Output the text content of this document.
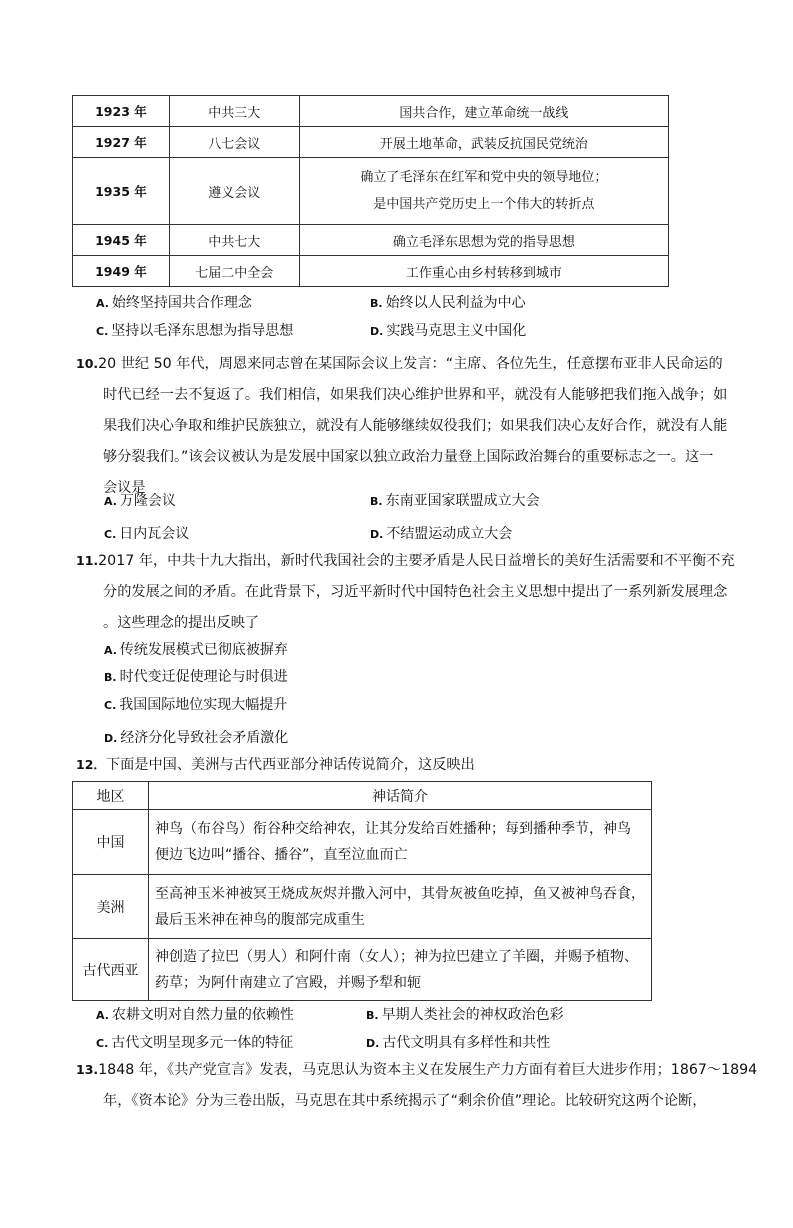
1923 年	中共三大	国共合作，建立革命统一战线
1927 年	八七会议	开展土地革命，武装反抗国民党统治
1935 年	遵义会议	确立了毛泽东在红军和党中央的领导地位；
是中国共产党历史上一个伟大的转折点

1945 年	中共七大	确立毛泽东思想为党的指导思想
1949 年	七届二中全会	工作重心由乡村转移到城市
A. 始终坚持国共合作理念	B. 始终以人民利益为中心
C. 坚持以毛泽东思想为指导思想	D. 实践马克思主义中国化
10.20 世纪 50 年代，周恩来同志曾在某国际会议上发言：“主席、各位先生，任意摆布亚非人民命运的
时代已经一去不复返了。我们相信，如果我们决心维护世界和平，就没有人能够把我们拖入战争；如
果我们决心争取和维护民族独立，就没有人能够继续奴役我们；如果我们决心友好合作，就没有人能
够分裂我们。”该会议被认为是发展中国家以独立政治力量登上国际政治舞台的重要标志之一。这一
会议是
A. 万隆会议	B. 东南亚国家联盟成立大会
C. 日内瓦会议	D. 不结盟运动成立大会
11.2017 年，中共十九大指出，新时代我国社会的主要矛盾是人民日益增长的美好生活需要和不平衡不充
分的发展之间的矛盾。在此背景下，习近平新时代中国特色社会主义思想中提出了一系列新发展理念
。这些理念的提出反映了
A. 传统发展模式已彻底被摒弃
B. 时代变迁促使理论与时俱进
C. 我国国际地位实现大幅提升
D. 经济分化导致社会矛盾激化
12．下面是中国、美洲与古代西亚部分神话传说简介，这反映出
地区	神话简介
中国	神鸟（布谷鸟）衔谷种交给神农，让其分发给百姓播种；每到播种季节，神鸟
便边飞边叫“播谷、播谷”，直至泣血而亡

美洲	至高神玉米神被冥王烧成灰烬并撒入河中，其骨灰被鱼吃掉，鱼又被神鸟吞食，
最后玉米神在神鸟的腹部完成重生

古代西亚	神创造了拉巴（男人）和阿什南（女人）；神为拉巴建立了羊圈，并赐予植物、
药草；为阿什南建立了宫殿，并赐予犁和轭
A. 农耕文明对自然力量的依赖性	B. 早期人类社会的神权政治色彩
C. 古代文明呈现多元一体的特征	D. 古代文明具有多样性和共性
13.1848 年，《共产党宣言》发表，马克思认为资本主义在发展生产力方面有着巨大进步作用；1867～1894
年，《资本论》分为三卷出版，马克思在其中系统揭示了“剩余价值”理论。比较研究这两个论断，
